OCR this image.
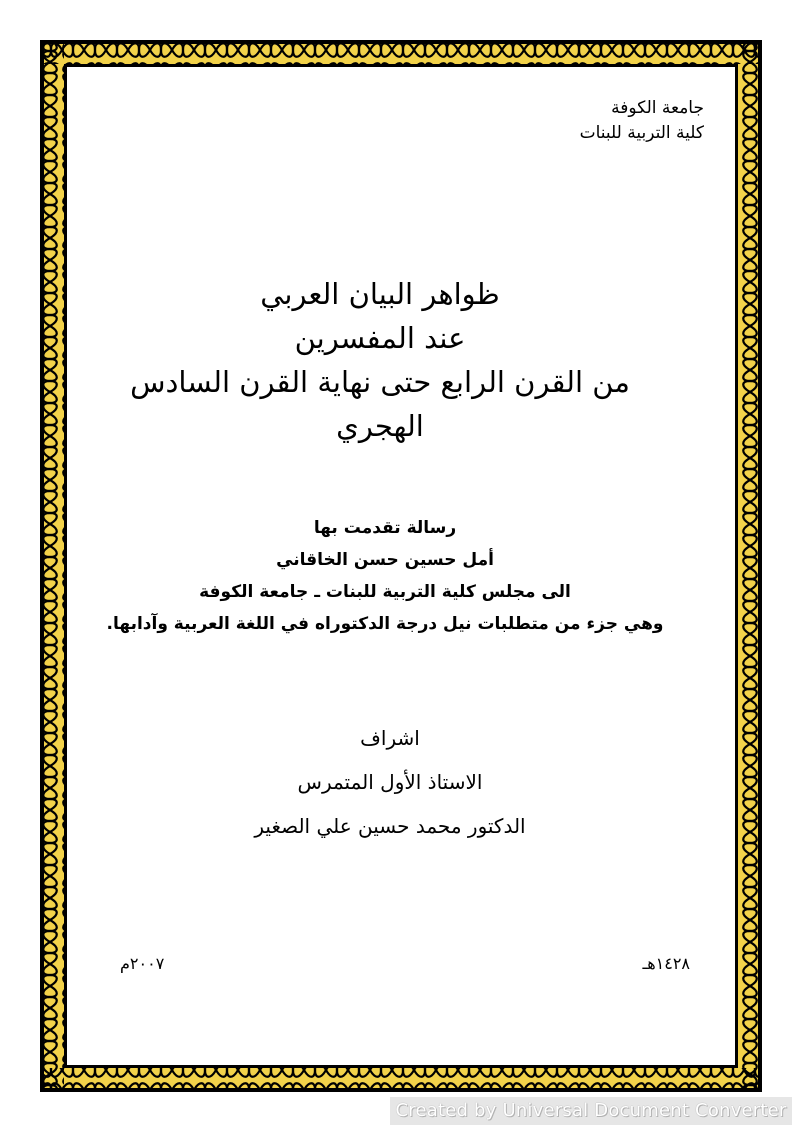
جامعة الكوفة
كلية التربية للبنات
ظواهر البيان العربي
عند المفسرين
من القرن الرابع حتى نهاية القرن السادس
الهجري
رسالة تقدمت بها
أمل حسين حسن الخاقاني
الى مجلس كلية التربية للبنات ـ جامعة الكوفة
وهي جزء من متطلبات نيل درجة الدكتوراه في اللغة العربية وآدابها.
اشراف
الاستاذ الأول المتمرس
الدكتور محمد حسين علي الصغير
١٤٢٨هـ
٢٠٠٧م
Created by Universal Document Converter
